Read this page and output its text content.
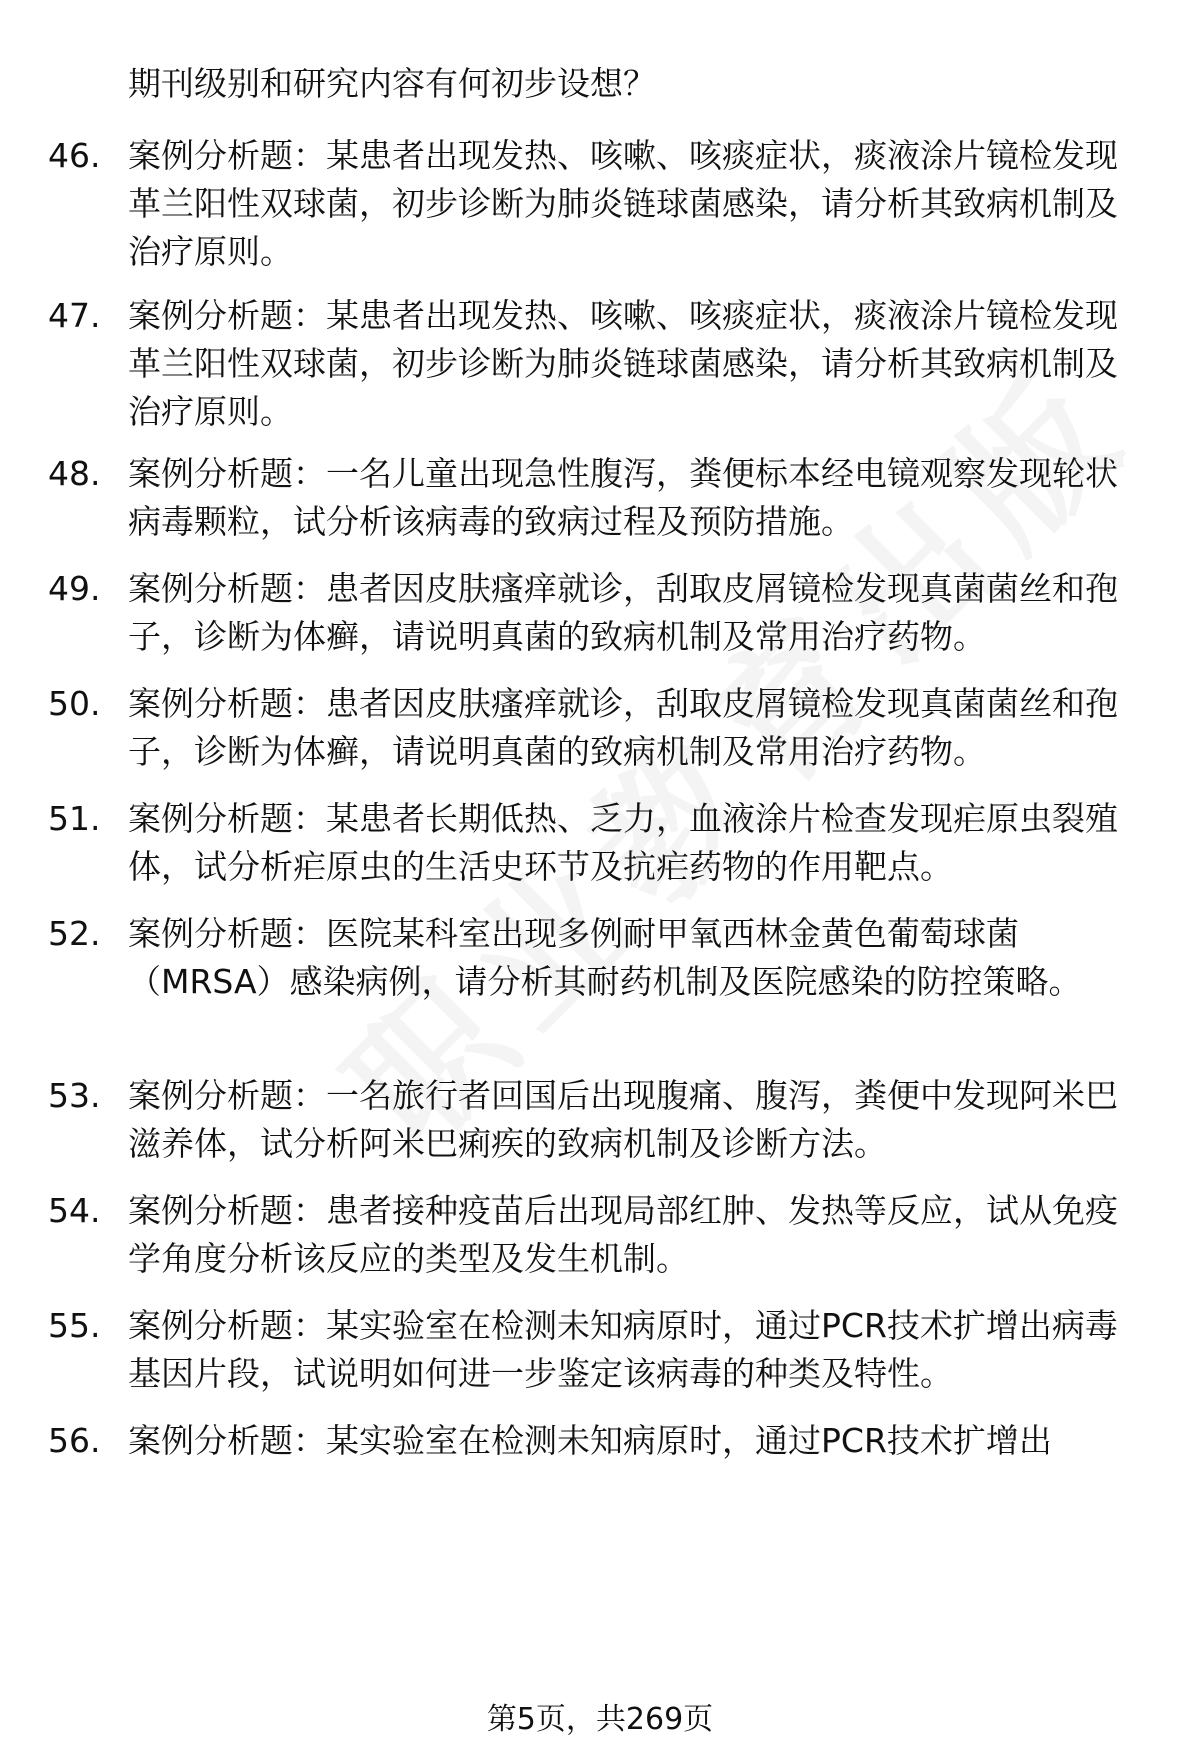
期刊级别和研究内容有何初步设想？
46. 案例分析题：某患者出现发热、咳嗽、咳痰症状，痰液涂片镜检发现革兰阳性双球菌，初步诊断为肺炎链球菌感染，请分析其致病机制及治疗原则。
47. 案例分析题：某患者出现发热、咳嗽、咳痰症状，痰液涂片镜检发现革兰阳性双球菌，初步诊断为肺炎链球菌感染，请分析其致病机制及治疗原则。
48. 案例分析题：一名儿童出现急性腹泻，粪便标本经电镜观察发现轮状病毒颗粒，试分析该病毒的致病过程及预防措施。
49. 案例分析题：患者因皮肤瘙痒就诊，刮取皮屑镜检发现真菌菌丝和孢子，诊断为体癣，请说明真菌的致病机制及常用治疗药物。
50. 案例分析题：患者因皮肤瘙痒就诊，刮取皮屑镜检发现真菌菌丝和孢子，诊断为体癣，请说明真菌的致病机制及常用治疗药物。
51. 案例分析题：某患者长期低热、乏力，血液涂片检查发现疟原虫裂殖体，试分析疟原虫的生活史环节及抗疟药物的作用靶点。
52. 案例分析题：医院某科室出现多例耐甲氧西林金黄色葡萄球菌（MRSA）感染病例，请分析其耐药机制及医院感染的防控策略。
53. 案例分析题：一名旅行者回国后出现腹痛、腹泻，粪便中发现阿米巴滋养体，试分析阿米巴痢疾的致病机制及诊断方法。
54. 案例分析题：患者接种疫苗后出现局部红肿、发热等反应，试从免疫学角度分析该反应的类型及发生机制。
55. 案例分析题：某实验室在检测未知病原时，通过PCR技术扩增出病毒基因片段，试说明如何进一步鉴定该病毒的种类及特性。
56. 案例分析题：某实验室在检测未知病原时，通过PCR技术扩增出
第5页，共269页
